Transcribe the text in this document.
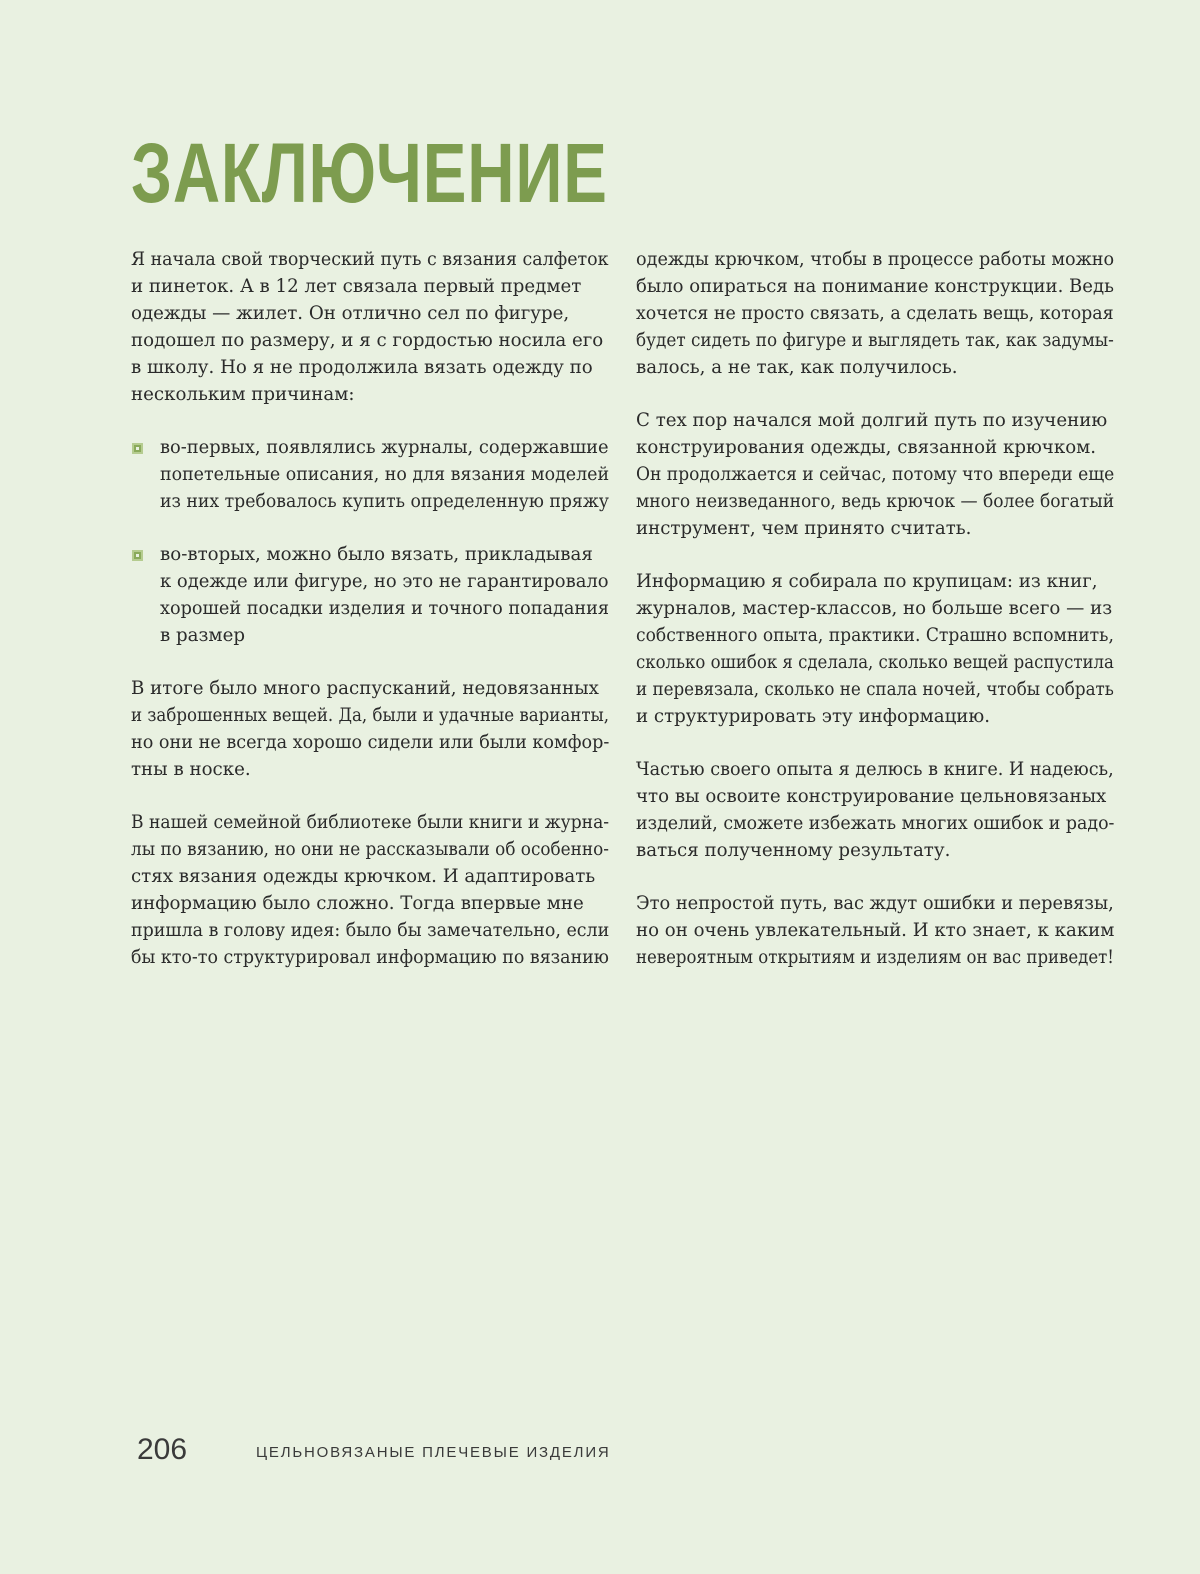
ЗАКЛЮЧЕНИЕ

Я начала свой творческий путь с вязания салфеток
и пинеток. А в 12 лет связала первый предмет
одежды — жилет. Он отлично сел по фигуре,
подошел по размеру, и я с гордостью носила его
в школу. Но я не продолжила вязать одежду по
нескольким причинам:

во-первых, появлялись журналы, содержавшие
попетельные описания, но для вязания моделей
из них требовалось купить определенную пряжу
во-вторых, можно было вязать, прикладывая
к одежде или фигуре, но это не гарантировало
хорошей посадки изделия и точного попадания
в размер

В итоге было много распусканий, недовязанных
и заброшенных вещей. Да, были и удачные варианты,
но они не всегда хорошо сидели или были комфор-
тны в носке.

В нашей семейной библиотеке были книги и журна-
лы по вязанию, но они не рассказывали об особенно-
стях вязания одежды крючком. И адаптировать
информацию было сложно. Тогда впервые мне
пришла в голову идея: было бы замечательно, если
бы кто-то структурировал информацию по вязанию

одежды крючком, чтобы в процессе работы можно
было опираться на понимание конструкции. Ведь
хочется не просто связать, а сделать вещь, которая
будет сидеть по фигуре и выглядеть так, как задумы-
валось, а не так, как получилось.

С тех пор начался мой долгий путь по изучению
конструирования одежды, связанной крючком.
Он продолжается и сейчас, потому что впереди еще
много неизведанного, ведь крючок — более богатый
инструмент, чем принято считать.

Информацию я собирала по крупицам: из книг,
журналов, мастер-классов, но больше всего — из
собственного опыта, практики. Страшно вспомнить,
сколько ошибок я сделала, сколько вещей распустила
и перевязала, сколько не спала ночей, чтобы собрать
и структурировать эту информацию.

Частью своего опыта я делюсь в книге. И надеюсь,
что вы освоите конструирование цельновязаных
изделий, сможете избежать многих ошибок и радо-
ваться полученному результату.

Это непростой путь, вас ждут ошибки и перевязы,
но он очень увлекательный. И кто знает, к каким
невероятным открытиям и изделиям он вас приведет!

206	ЦЕЛЬНОВЯЗАНЫЕ ПЛЕЧЕВЫЕ ИЗДЕЛИЯ
